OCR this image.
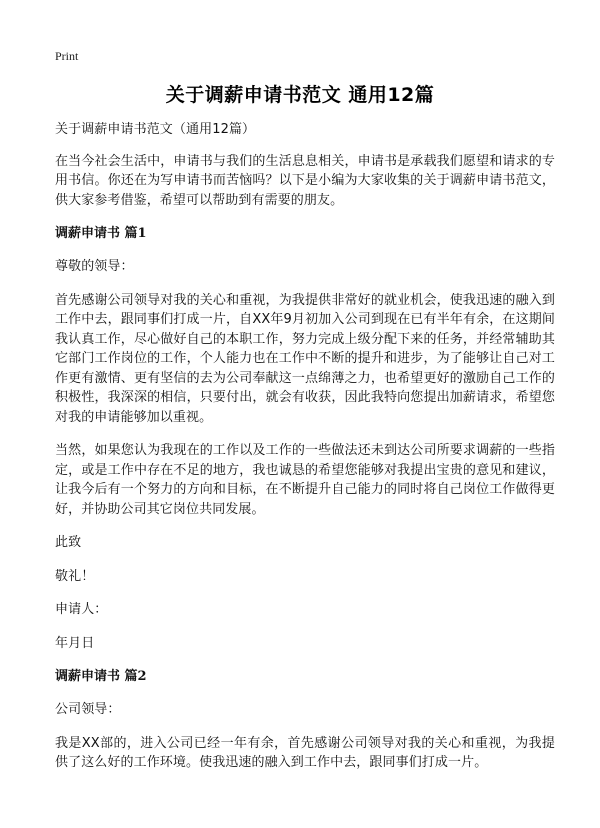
Print
关于调薪申请书范文 通用12篇

关于调薪申请书范文（通用12篇）

在当今社会生活中，申请书与我们的生活息息相关，申请书是承载我们愿望和请求的专用书信。你还在为写申请书而苦恼吗？以下是小编为大家收集的关于调薪申请书范文，供大家参考借鉴，希望可以帮助到有需要的朋友。

调薪申请书 篇1

尊敬的领导：

首先感谢公司领导对我的关心和重视，为我提供非常好的就业机会，使我迅速的融入到工作中去，跟同事们打成一片，自XX年9月初加入公司到现在已有半年有余，在这期间我认真工作，尽心做好自己的本职工作，努力完成上级分配下来的任务，并经常辅助其它部门工作岗位的工作，个人能力也在工作中不断的提升和进步，为了能够让自己对工作更有激情、更有坚信的去为公司奉献这一点绵薄之力，也希望更好的激励自己工作的积极性，我深深的相信，只要付出，就会有收获，因此我特向您提出加薪请求，希望您对我的申请能够加以重视。

当然，如果您认为我现在的工作以及工作的一些做法还未到达公司所要求调薪的一些指定，或是工作中存在不足的地方，我也诚恳的希望您能够对我提出宝贵的意见和建议，让我今后有一个努力的方向和目标，在不断提升自己能力的同时将自己岗位工作做得更好，并协助公司其它岗位共同发展。

此致

敬礼！

申请人：

年月日

调薪申请书 篇2

公司领导：

我是XX部的，进入公司已经一年有余，首先感谢公司领导对我的关心和重视，为我提供了这么好的工作环境。使我迅速的融入到工作中去，跟同事们打成一片。
